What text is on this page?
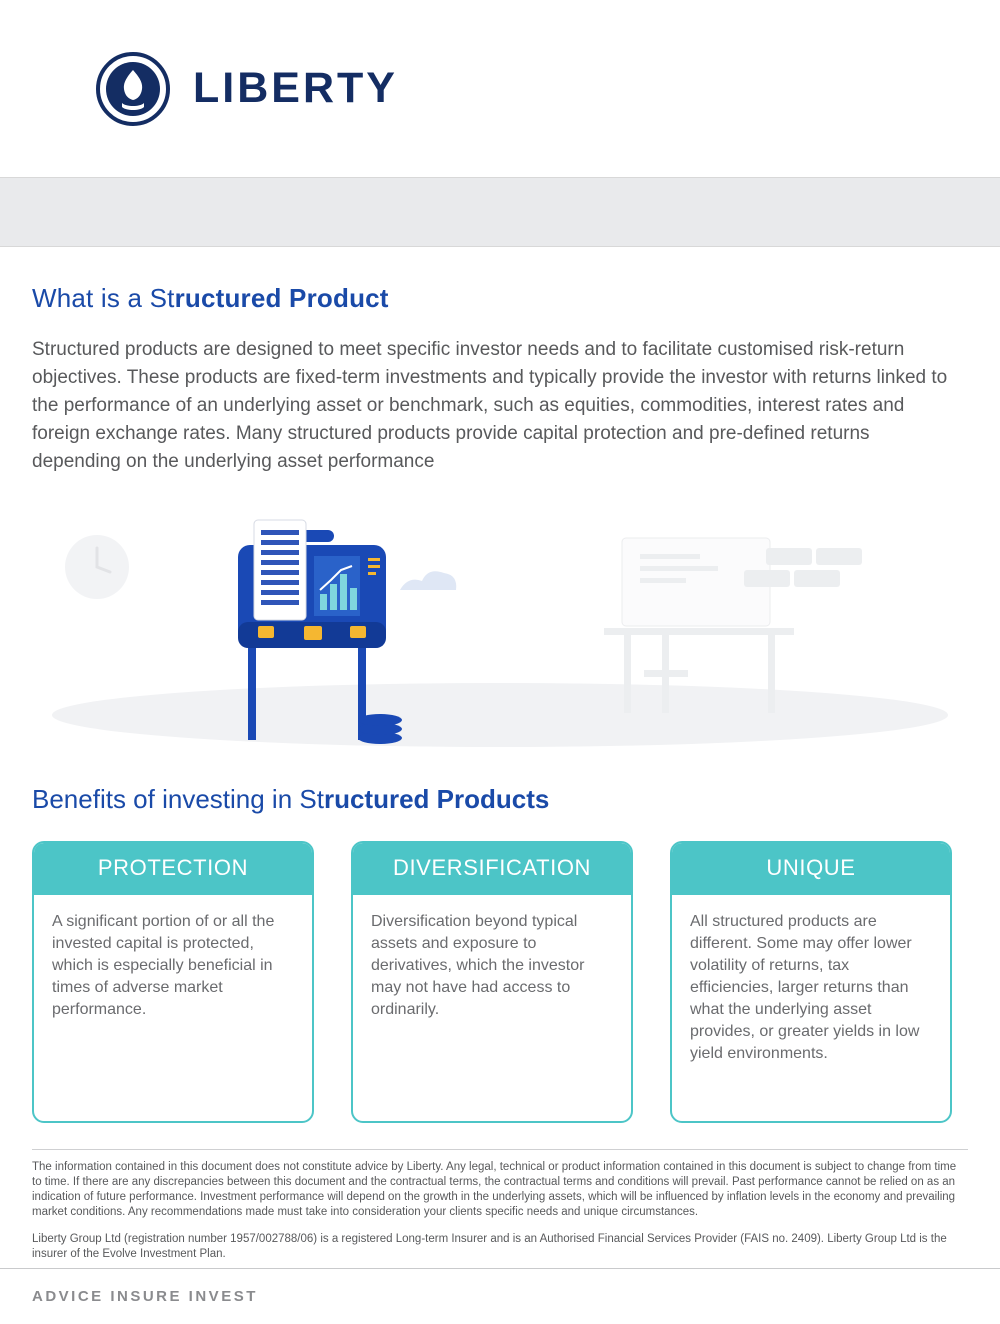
LIBERTY
What is a Structured Product

Structured products are designed to meet specific investor needs and to facilitate customised risk-return objectives. These products are fixed-term investments and typically provide the investor with returns linked to the performance of an underlying asset or benchmark, such as equities, commodities, interest rates and foreign exchange rates. Many structured products provide capital protection and pre-defined returns depending on the underlying asset performance

Benefits of investing in Structured Products
PROTECTION
A significant portion of or all the invested capital is protected, which is especially beneficial in times of adverse market performance.
DIVERSIFICATION
Diversification beyond typical assets and exposure to derivatives, which the investor may not have had access to ordinarily.
UNIQUE
All structured products are different. Some may offer lower volatility of returns, tax efficiencies, larger returns than what the underlying asset provides, or greater yields in low yield environments.

The information contained in this document does not constitute advice by Liberty. Any legal, technical or product information contained in this document is subject to change from time to time. If there are any discrepancies between this document and the contractual terms, the contractual terms and conditions will prevail. Past performance cannot be relied on as an indication of future performance. Investment performance will depend on the growth in the underlying assets, which will be influenced by inflation levels in the economy and prevailing market conditions. Any recommendations made must take into consideration your clients specific needs and unique circumstances.

Liberty Group Ltd (registration number 1957/002788/06) is a registered Long-term Insurer and is an Authorised Financial Services Provider (FAIS no. 2409). Liberty Group Ltd is the insurer of the Evolve Investment Plan.

ADVICE INSURE INVEST
